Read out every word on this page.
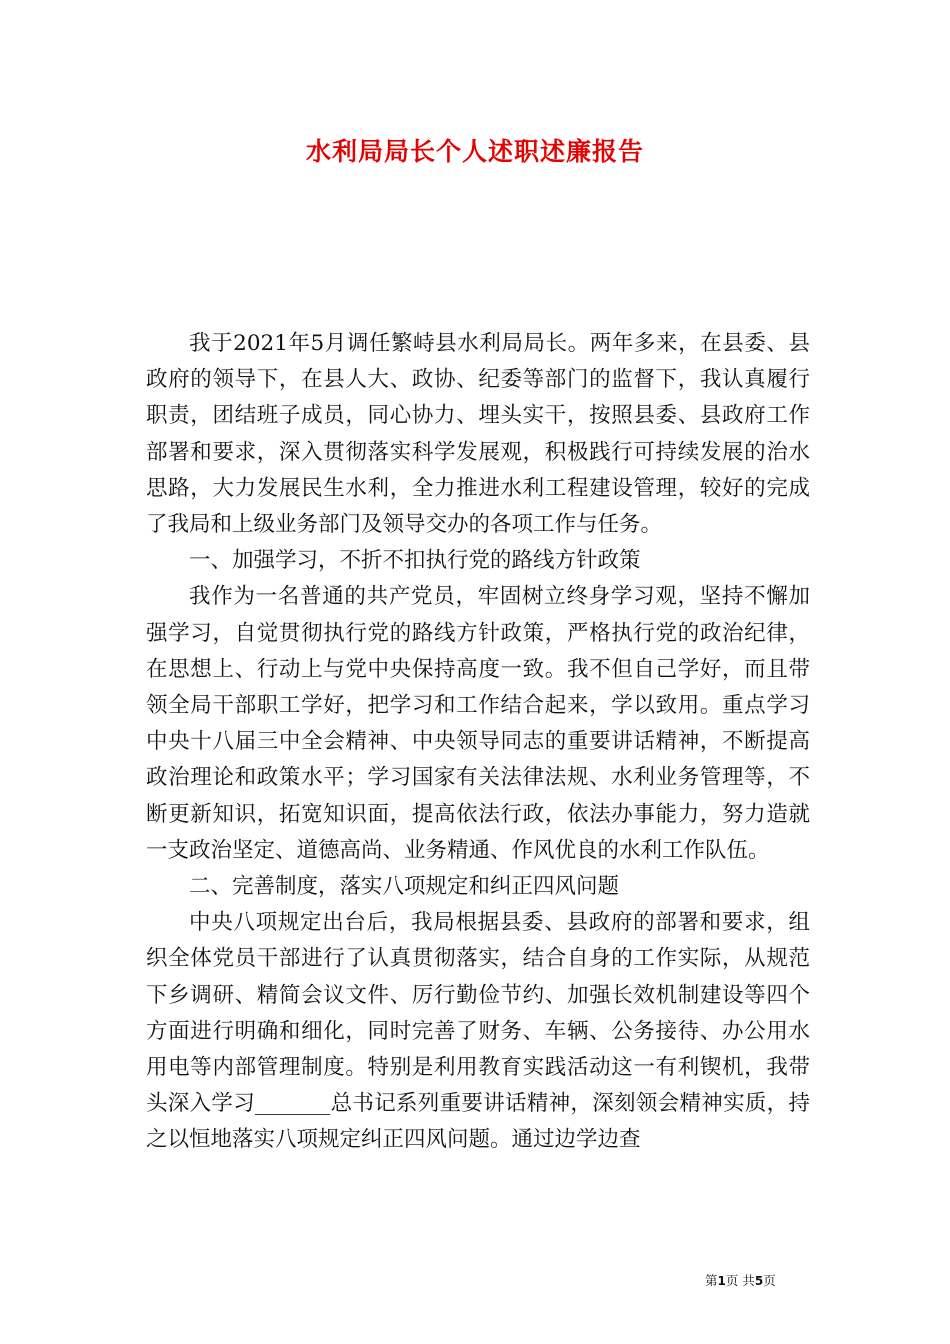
水利局局长个人述职述廉报告

我于2021年5月调任繁峙县水利局局长。两年多来，在县委、县政府的领导下，在县人大、政协、纪委等部门的监督下，我认真履行职责，团结班子成员，同心协力、埋头实干，按照县委、县政府工作部署和要求，深入贯彻落实科学发展观，积极践行可持续发展的治水思路，大力发展民生水利，全力推进水利工程建设管理，较好的完成了我局和上级业务部门及领导交办的各项工作与任务。

一、加强学习，不折不扣执行党的路线方针政策

我作为一名普通的共产党员，牢固树立终身学习观，坚持不懈加强学习，自觉贯彻执行党的路线方针政策，严格执行党的政治纪律，在思想上、行动上与党中央保持高度一致。我不但自己学好，而且带领全局干部职工学好，把学习和工作结合起来，学以致用。重点学习中央十八届三中全会精神、中央领导同志的重要讲话精神，不断提高政治理论和政策水平；学习国家有关法律法规、水利业务管理等，不断更新知识，拓宽知识面，提高依法行政，依法办事能力，努力造就一支政治坚定、道德高尚、业务精通、作风优良的水利工作队伍。

二、完善制度，落实八项规定和纠正四风问题

中央八项规定出台后，我局根据县委、县政府的部署和要求，组织全体党员干部进行了认真贯彻落实，结合自身的工作实际，从规范下乡调研、精简会议文件、厉行勤俭节约、加强长效机制建设等四个方面进行明确和细化，同时完善了财务、车辆、公务接待、办公用水用电等内部管理制度。特别是利用教育实践活动这一有利锲机，我带头深入学习_______总书记系列重要讲话精神，深刻领会精神实质，持之以恒地落实八项规定纠正四风问题。通过边学边查

第1页 共5页
